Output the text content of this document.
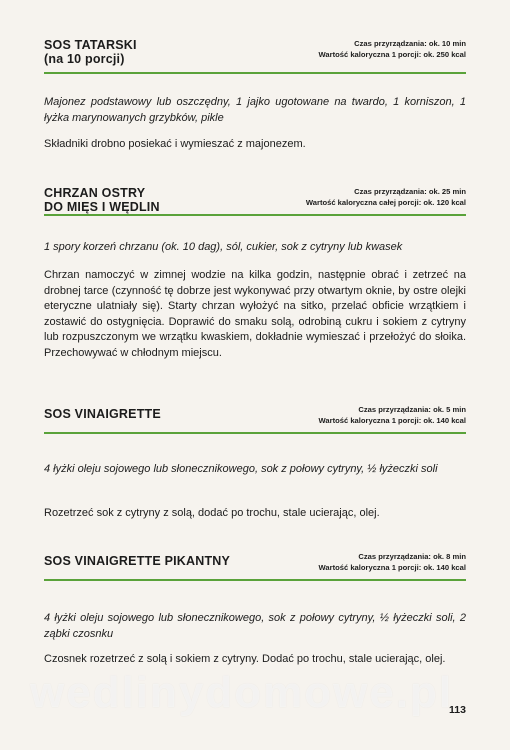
SOS TATARSKI
(na 10 porcji)
Czas przyrządzania: ok. 10 min
Wartość kaloryczna 1 porcji: ok. 250 kcal
Majonez podstawowy lub oszczędny, 1 jajko ugotowane na twardo, 1 korniszon, 1 łyżka marynowanych grzybków, pikle
Składniki drobno posiekać i wymieszać z majonezem.
CHRZAN OSTRY
DO MIĘS I WĘDLIN
Czas przyrządzania: ok. 25 min
Wartość kaloryczna całej porcji: ok. 120 kcal
1 spory korzeń chrzanu (ok. 10 dag), sól, cukier, sok z cytryny lub kwasek
Chrzan namoczyć w zimnej wodzie na kilka godzin, następnie obrać i zetrzeć na drobnej tarce (czynność tę dobrze jest wykonywać przy otwartym oknie, by ostre olejki eteryczne ulatniały się). Starty chrzan wyłożyć na sitko, przelać obficie wrzątkiem i zostawić do ostygnięcia. Doprawić do smaku solą, odrobiną cukru i sokiem z cytryny lub rozpuszczonym we wrzątku kwaskiem, dokładnie wymieszać i przełożyć do słoika. Przechowywać w chłodnym miejscu.
SOS VINAIGRETTE	Czas przyrządzania: ok. 5 min
Wartość kaloryczna 1 porcji: ok. 140 kcal
4 łyżki oleju sojowego lub słonecznikowego, sok z połowy cytryny, ½ łyżeczki soli
Rozetrzeć sok z cytryny z solą, dodać po trochu, stale ucierając, olej.
SOS VINAIGRETTE PIKANTNY	Czas przyrządzania: ok. 8 min
Wartość kaloryczna 1 porcji: ok. 140 kcal
4 łyżki oleju sojowego lub słonecznikowego, sok z połowy cytryny, ½ łyżeczki soli, 2 ząbki czosnku
Czosnek rozetrzeć z solą i sokiem z cytryny. Dodać po trochu, stale ucierając, olej.
wedlinydomowe.pl
113
